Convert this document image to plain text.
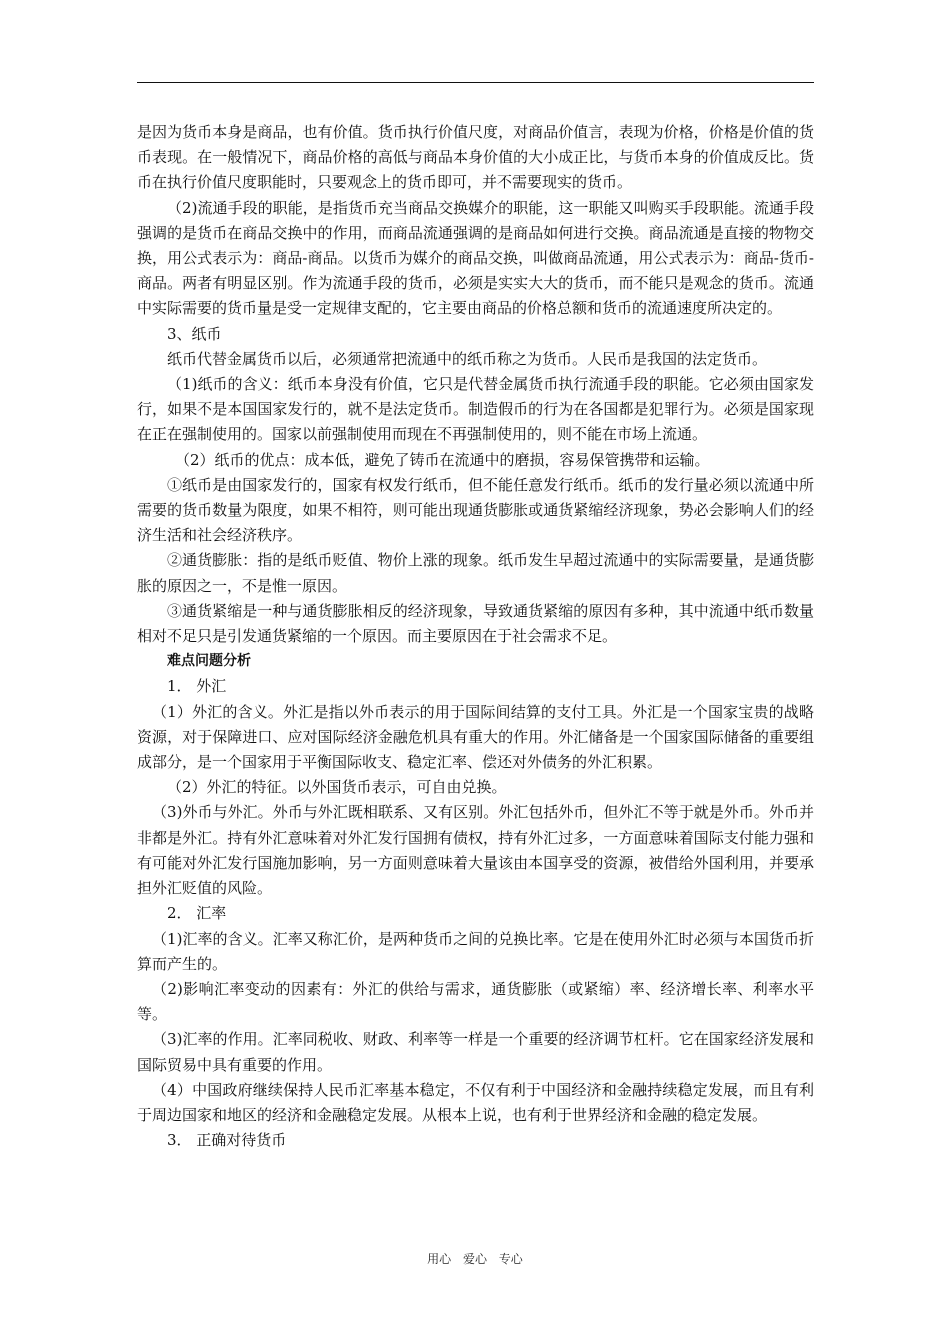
是因为货币本身是商品，也有价值。货币执行价值尺度，对商品价值言，表现为价格，价格是价值的货币表现。在一般情况下，商品价格的高低与商品本身价值的大小成正比，与货币本身的价值成反比。货币在执行价值尺度职能时，只要观念上的货币即可，并不需要现实的货币。

（2)流通手段的职能，是指货币充当商品交换媒介的职能，这一职能又叫购买手段职能。流通手段强调的是货币在商品交换中的作用，而商品流通强调的是商品如何进行交换。商品流通是直接的物物交换，用公式表示为：商品-商品。以货币为媒介的商品交换，叫做商品流通，用公式表示为：商品-货币-商品。两者有明显区别。作为流通手段的货币，必须是实实大大的货币，而不能只是观念的货币。流通中实际需要的货币量是受一定规律支配的，它主要由商品的价格总额和货币的流通速度所决定的。

3、纸币

纸币代替金属货币以后，必须通常把流通中的纸币称之为货币。人民币是我国的法定货币。

（1)纸币的含义：纸币本身没有价值，它只是代替金属货币执行流通手段的职能。它必须由国家发行，如果不是本国国家发行的，就不是法定货币。制造假币的行为在各国都是犯罪行为。必须是国家现在正在强制使用的。国家以前强制使用而现在不再强制使用的，则不能在市场上流通。

（2）纸币的优点：成本低，避免了铸币在流通中的磨损，容易保管携带和运输。

①纸币是由国家发行的，国家有权发行纸币，但不能任意发行纸币。纸币的发行量必须以流通中所需要的货币数量为限度，如果不相符，则可能出现通货膨胀或通货紧缩经济现象，势必会影响人们的经济生活和社会经济秩序。

②通货膨胀：指的是纸币贬值、物价上涨的现象。纸币发生早超过流通中的实际需要量，是通货膨胀的原因之一，不是惟一原因。

③通货紧缩是一种与通货膨胀相反的经济现象，导致通货紧缩的原因有多种，其中流通中纸币数量相对不足只是引发通货紧缩的一个原因。而主要原因在于社会需求不足。

难点问题分析

1． 外汇

（1）外汇的含义。外汇是指以外币表示的用于国际间结算的支付工具。外汇是一个国家宝贵的战略资源，对于保障进口、应对国际经济金融危机具有重大的作用。外汇储备是一个国家国际储备的重要组成部分，是一个国家用于平衡国际收支、稳定汇率、偿还对外债务的外汇积累。

（2）外汇的特征。以外国货币表示，可自由兑换。

（3)外币与外汇。外币与外汇既相联系、又有区别。外汇包括外币，但外汇不等于就是外币。外币并非都是外汇。持有外汇意味着对外汇发行国拥有债权，持有外汇过多，一方面意味着国际支付能力强和有可能对外汇发行国施加影响，另一方面则意味着大量该由本国享受的资源，被借给外国利用，并要承担外汇贬值的风险。

2． 汇率

（1)汇率的含义。汇率又称汇价，是两种货币之间的兑换比率。它是在使用外汇时必须与本国货币折算而产生的。

（2)影响汇率变动的因素有：外汇的供给与需求，通货膨胀（或紧缩）率、经济增长率、利率水平等。

（3)汇率的作用。汇率同税收、财政、利率等一样是一个重要的经济调节杠杆。它在国家经济发展和国际贸易中具有重要的作用。

（4）中国政府继续保持人民币汇率基本稳定，不仅有利于中国经济和金融持续稳定发展，而且有利于周边国家和地区的经济和金融稳定发展。从根本上说，也有利于世界经济和金融的稳定发展。

3． 正确对待货币

用心 爱心 专心
